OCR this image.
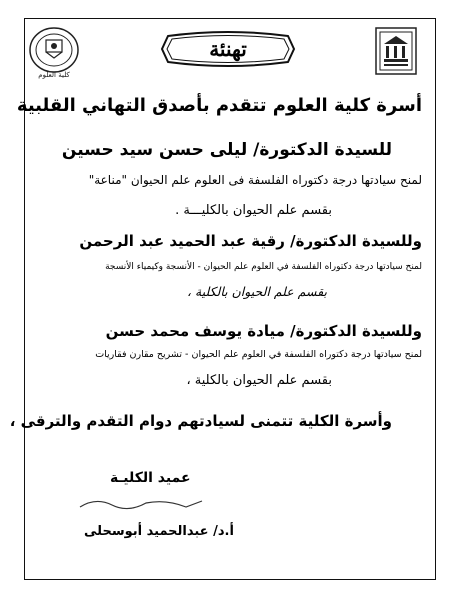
كلية العلوم
تهنئة
أسرة كلية العلوم تتقدم بأصدق التهاني القلبية
للسيدة الدكتورة/ ليلى حسن سيد حسين
لمنح سيادتها درجة دكتوراه الفلسفة فى العلوم علم الحيوان "مناعة"
بقسم علم الحيوان بالكليـــة .
وللسيدة الدكتورة/ رقية عبد الحميد عبد الرحمن
لمنح سيادتها درجة دكتوراه الفلسفة في العلوم علم الحيوان - الأنسجة وكيمياء الأنسجة
بقسم علم الحيوان بالكلية ،
وللسيدة الدكتورة/ ميادة يوسف محمد حسن
لمنح سيادتها درجة دكتوراه الفلسفة في العلوم علم الحيوان - تشريح مقارن فقاريات
بقسم علم الحيوان بالكلية ،
وأسرة الكلية تتمنى لسيادتهم دوام التقدم والترقى ،
عميد الكليـة
أ.د/ عبدالحميد أبوسحلى
